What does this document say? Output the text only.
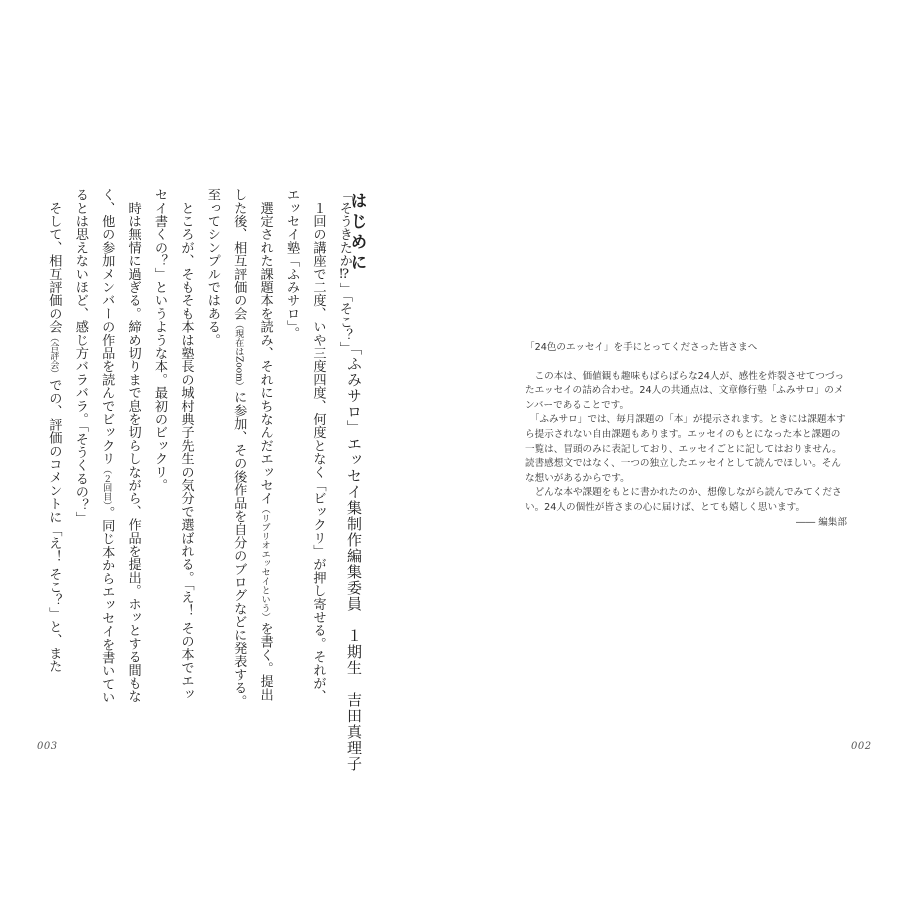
はじめに
「ふみサロ」エッセイ集制作編集委員　１期生　吉田真理子

「そうきたか⁉」「そこ？」

　１回の講座で二度、いや三度四度、何度となく「ビックリ」が押し寄せる。それが、エッセイ塾「ふみサロ」。

　選定された課題本を読み、それにちなんだエッセイ（リブリオエッセイという）を書く。提出した後、相互評価の会（現在はZoom）に参加、その後作品を自分のブログなどに発表する。至ってシンプルではある。

　ところが、そもそも本は塾長の城村典子先生の気分で選ばれる。「え！ その本でエッセイ書くの？」というような本。最初のビックリ。

　時は無情に過ぎる。締め切りまで息を切らしながら、作品を提出。ホッとする間もなく、他の参加メンバーの作品を読んでビックリ（２回目）。同じ本からエッセイを書いているとは思えないほど、感じ方バラバラ。「そうくるの？」

　そして、相互評価の会（合評会）での、評価のコメントに「え！ そこ？」と、また

003

「24色のエッセイ」を手にとってくださった皆さまへ

　この本は、価値観も趣味もばらばらな24人が、感性を炸裂させてつづったエッセイの詰め合わせ。24人の共通点は、文章修行塾「ふみサロ」のメンバーであることです。

　「ふみサロ」では、毎月課題の「本」が提示されます。ときには課題本すら提示されない自由課題もあります。エッセイのもとになった本と課題の一覧は、冒頭のみに表記しており、エッセイごとに記してはおりません。読書感想文ではなく、一つの独立したエッセイとして読んでほしい。そんな想いがあるからです。

　どんな本や課題をもとに書かれたのか、想像しながら読んでみてください。24人の個性が皆さまの心に届けば、とても嬉しく思います。
―― 編集部

002
